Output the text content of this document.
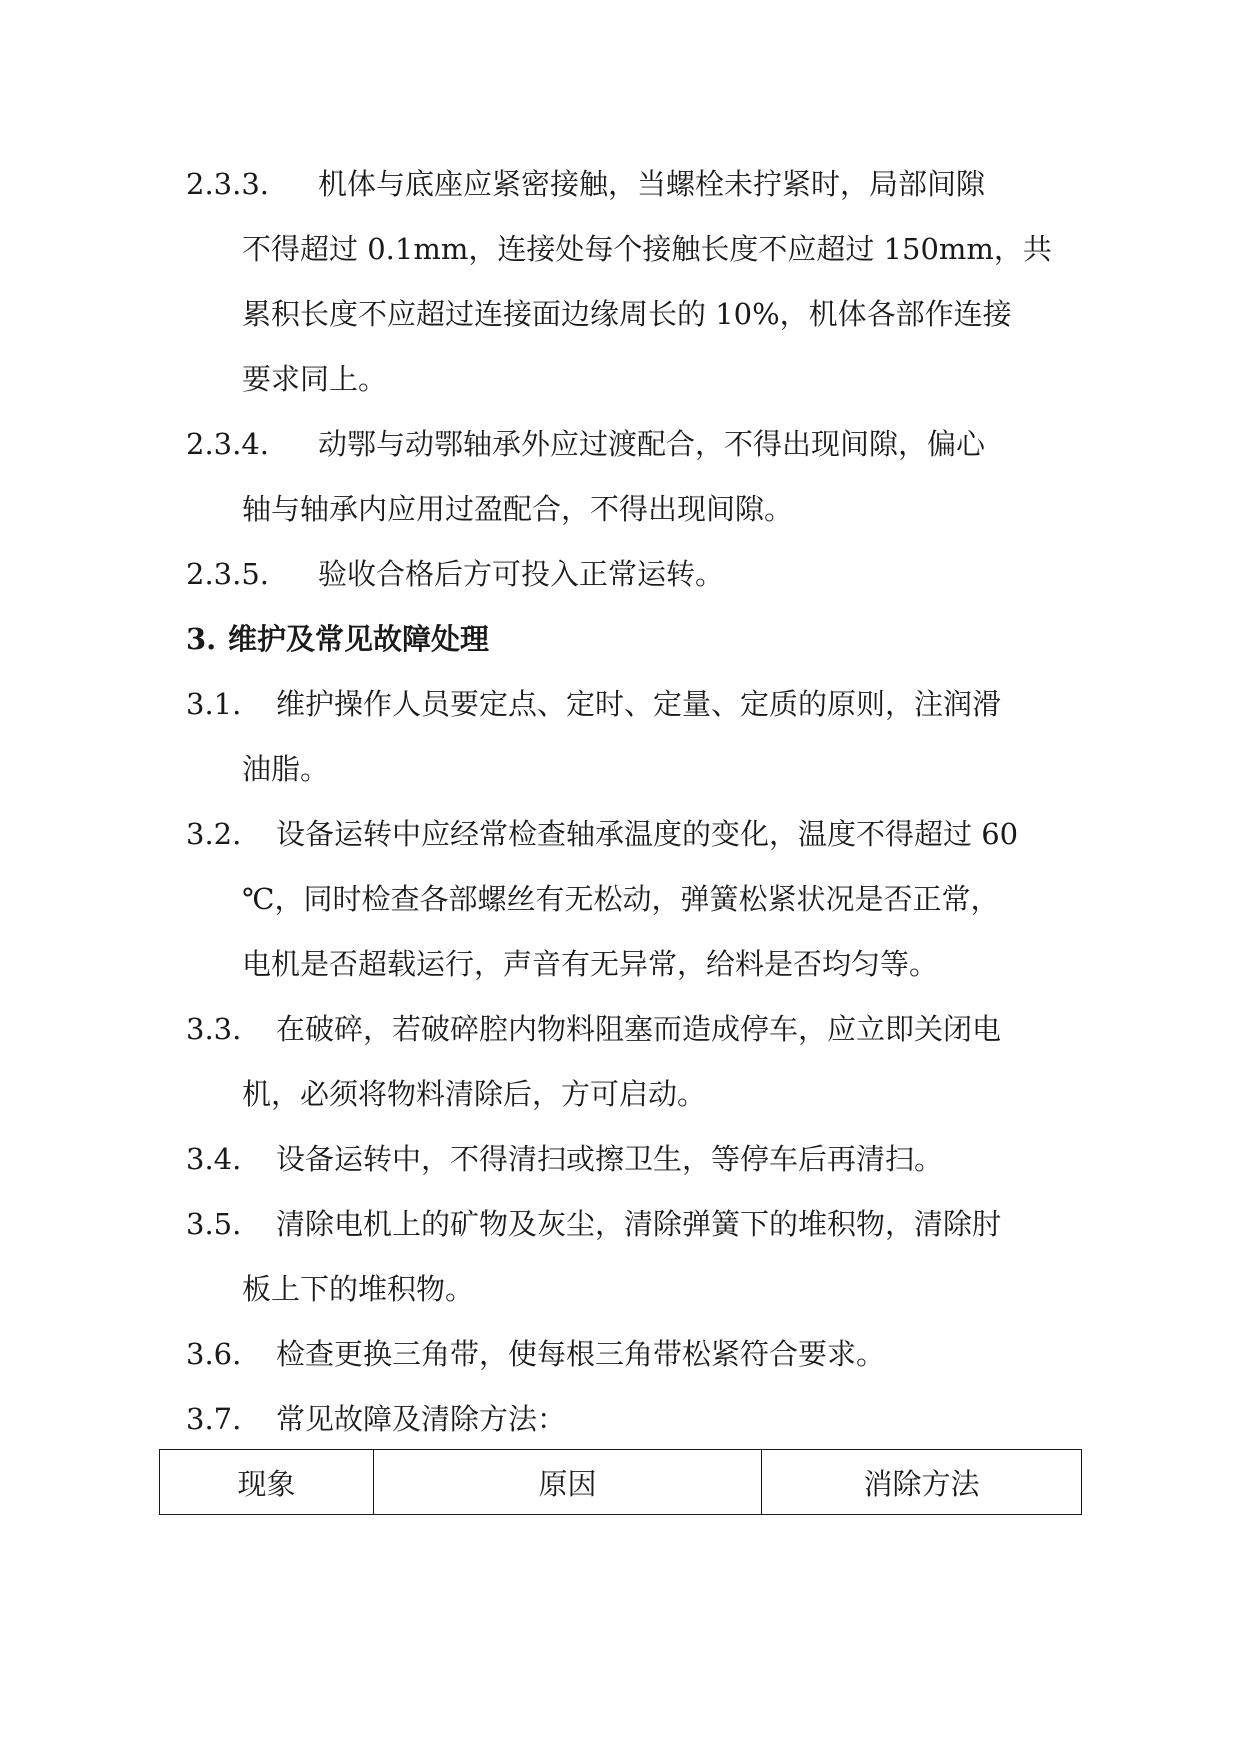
2.3.3. 机体与底座应紧密接触，当螺栓未拧紧时，局部间隙
不得超过 0.1mm，连接处每个接触长度不应超过 150mm，共
累积长度不应超过连接面边缘周长的 10%，机体各部作连接
要求同上。
2.3.4. 动鄂与动鄂轴承外应过渡配合，不得出现间隙，偏心
轴与轴承内应用过盈配合，不得出现间隙。
2.3.5. 验收合格后方可投入正常运转。
3. 维护及常见故障处理
3.1. 维护操作人员要定点、定时、定量、定质的原则，注润滑
油脂。
3.2. 设备运转中应经常检查轴承温度的变化，温度不得超过 60
℃，同时检查各部螺丝有无松动，弹簧松紧状况是否正常，
电机是否超载运行，声音有无异常，给料是否均匀等。
3.3. 在破碎，若破碎腔内物料阻塞而造成停车，应立即关闭电
机，必须将物料清除后，方可启动。
3.4. 设备运转中，不得清扫或擦卫生，等停车后再清扫。
3.5. 清除电机上的矿物及灰尘，清除弹簧下的堆积物，清除肘
板上下的堆积物。
3.6. 检查更换三角带，使每根三角带松紧符合要求。
3.7. 常见故障及清除方法：
现象	原因	消除方法
